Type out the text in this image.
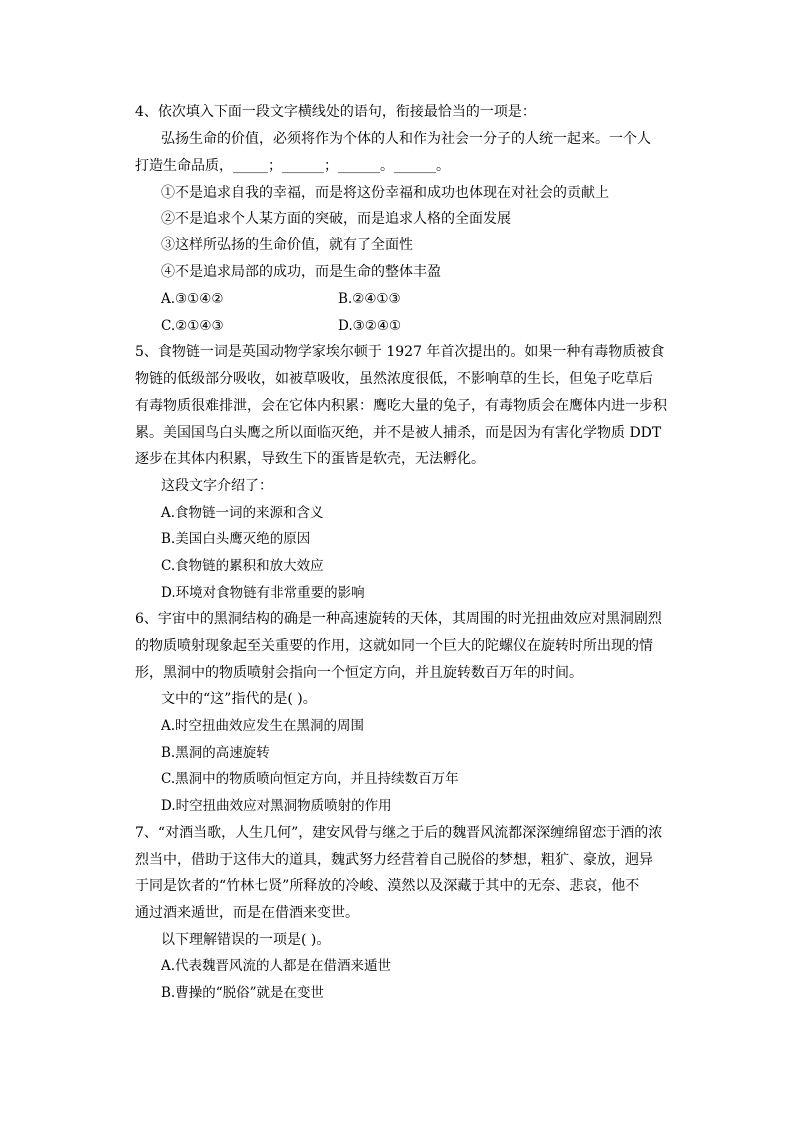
4、依次填入下面一段文字横线处的语句，衔接最恰当的一项是：
弘扬生命的价值，必须将作为个体的人和作为社会一分子的人统一起来。一个人
打造生命品质，_____；______；______。______。
①不是追求自我的幸福，而是将这份幸福和成功也体现在对社会的贡献上
②不是追求个人某方面的突破，而是追求人格的全面发展
③这样所弘扬的生命价值，就有了全面性
④不是追求局部的成功，而是生命的整体丰盈
A.③①④②	B.②④①③
C.②①④③	D.③②④①
5、食物链一词是英国动物学家埃尔顿于 1927 年首次提出的。如果一种有毒物质被食
物链的低级部分吸收，如被草吸收，虽然浓度很低，不影响草的生长，但兔子吃草后
有毒物质很难排泄，会在它体内积累：鹰吃大量的兔子，有毒物质会在鹰体内进一步积
累。美国国鸟白头鹰之所以面临灭绝，并不是被人捕杀，而是因为有害化学物质 DDT
逐步在其体内积累，导致生下的蛋皆是软壳，无法孵化。
这段文字介绍了：
A.食物链一词的来源和含义
B.美国白头鹰灭绝的原因
C.食物链的累积和放大效应
D.环境对食物链有非常重要的影响
6、宇宙中的黑洞结构的确是一种高速旋转的天体，其周围的时光扭曲效应对黑洞剧烈
的物质喷射现象起至关重要的作用，这就如同一个巨大的陀螺仪在旋转时所出现的情
形，黑洞中的物质喷射会指向一个恒定方向，并且旋转数百万年的时间。
文中的“这”指代的是( )。
A.时空扭曲效应发生在黑洞的周围
B.黑洞的高速旋转
C.黑洞中的物质喷向恒定方向，并且持续数百万年
D.时空扭曲效应对黑洞物质喷射的作用
7、“对酒当歌，人生几何”，建安风骨与继之于后的魏晋风流都深深缠绵留恋于酒的浓
烈当中，借助于这伟大的道具，魏武努力经营着自己脱俗的梦想，粗犷、豪放，迥异
于同是饮者的“竹林七贤”所释放的冷峻、漠然以及深藏于其中的无奈、悲哀，他不
通过酒来遁世，而是在借酒来变世。
以下理解错误的一项是( )。
A.代表魏晋风流的人都是在借酒来遁世
B.曹操的“脱俗”就是在变世
